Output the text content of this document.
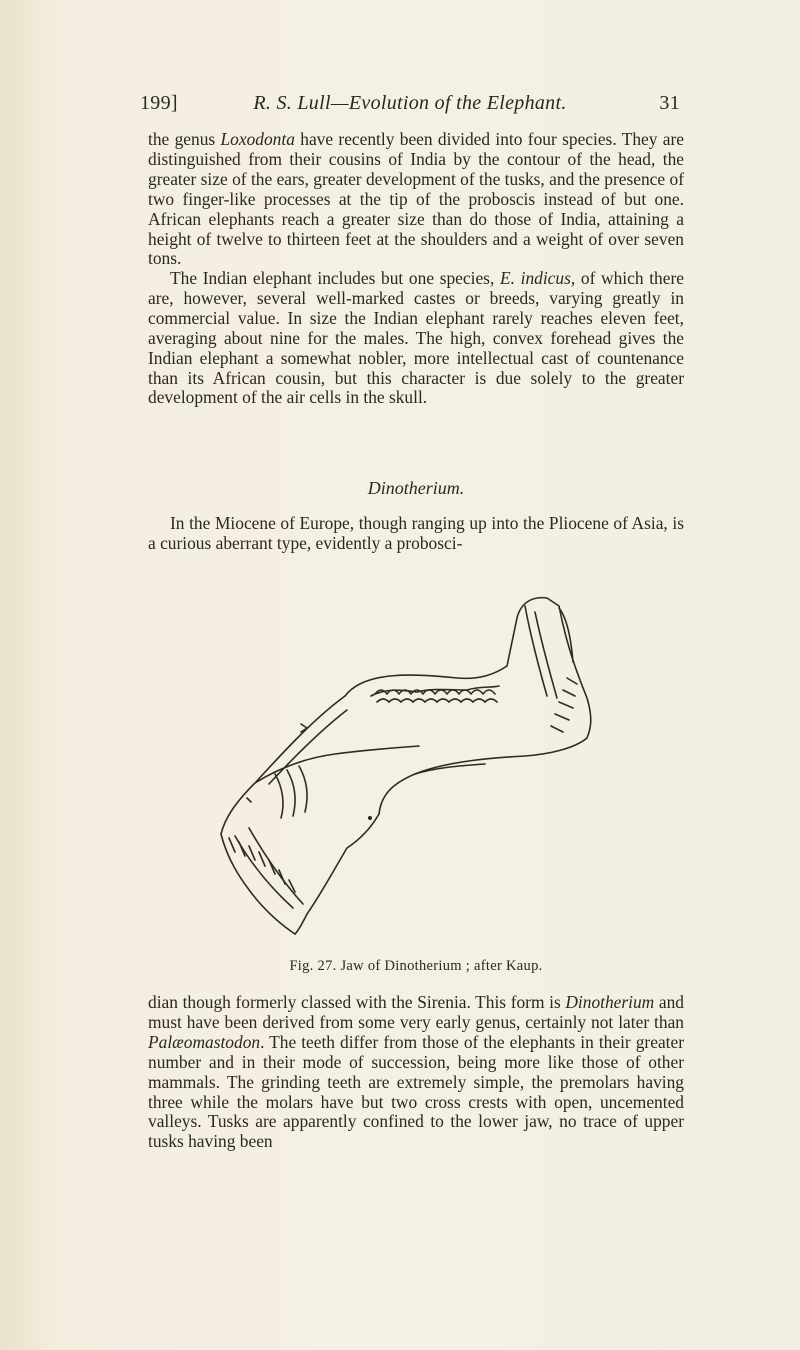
199]	R. S. Lull—Evolution of the Elephant.	31

the genus Loxodonta have recently been divided into four species. They are distinguished from their cousins of India by the contour of the head, the greater size of the ears, greater development of the tusks, and the presence of two finger-like processes at the tip of the proboscis instead of but one. African elephants reach a greater size than do those of India, attaining a height of twelve to thirteen feet at the shoulders and a weight of over seven tons.

The Indian elephant includes but one species, E. indicus, of which there are, however, several well-marked castes or breeds, varying greatly in commercial value. In size the Indian elephant rarely reaches eleven feet, averaging about nine for the males. The high, convex forehead gives the Indian elephant a somewhat nobler, more intellectual cast of countenance than its African cousin, but this character is due solely to the greater development of the air cells in the skull.

Dinotherium.

In the Miocene of Europe, though ranging up into the Pliocene of Asia, is a curious aberrant type, evidently a probosci-

Fig. 27. Jaw of Dinotherium ; after Kaup.

dian though formerly classed with the Sirenia. This form is Dinotherium and must have been derived from some very early genus, certainly not later than Palæomastodon. The teeth differ from those of the elephants in their greater number and in their mode of succession, being more like those of other mammals. The grinding teeth are extremely simple, the premolars having three while the molars have but two cross crests with open, uncemented valleys. Tusks are apparently confined to the lower jaw, no trace of upper tusks having been
